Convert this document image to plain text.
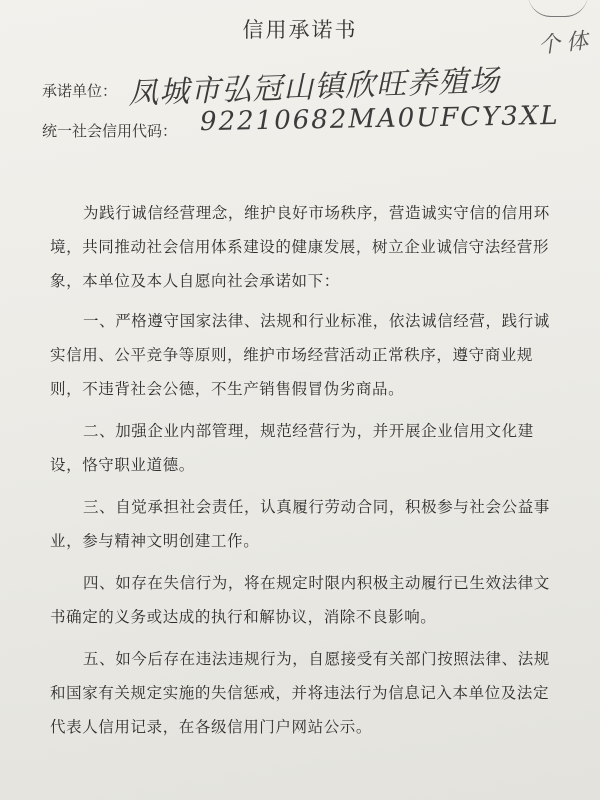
个体
信用承诺书
承诺单位： 凤城市弘冠山镇欣旺养殖场
统一社会信用代码： 92210682MA0UFCY3XL

为践行诚信经营理念，维护良好市场秩序，营造诚实守信的信用环境，共同推动社会信用体系建设的健康发展，树立企业诚信守法经营形象，本单位及本人自愿向社会承诺如下：

一、严格遵守国家法律、法规和行业标准，依法诚信经营，践行诚实信用、公平竞争等原则，维护市场经营活动正常秩序，遵守商业规则，不违背社会公德，不生产销售假冒伪劣商品。

二、加强企业内部管理，规范经营行为，并开展企业信用文化建设，恪守职业道德。

三、自觉承担社会责任，认真履行劳动合同，积极参与社会公益事业，参与精神文明创建工作。

四、如存在失信行为，将在规定时限内积极主动履行已生效法律文书确定的义务或达成的执行和解协议，消除不良影响。

五、如今后存在违法违规行为，自愿接受有关部门按照法律、法规和国家有关规定实施的失信惩戒，并将违法行为信息记入本单位及法定代表人信用记录，在各级信用门户网站公示。
